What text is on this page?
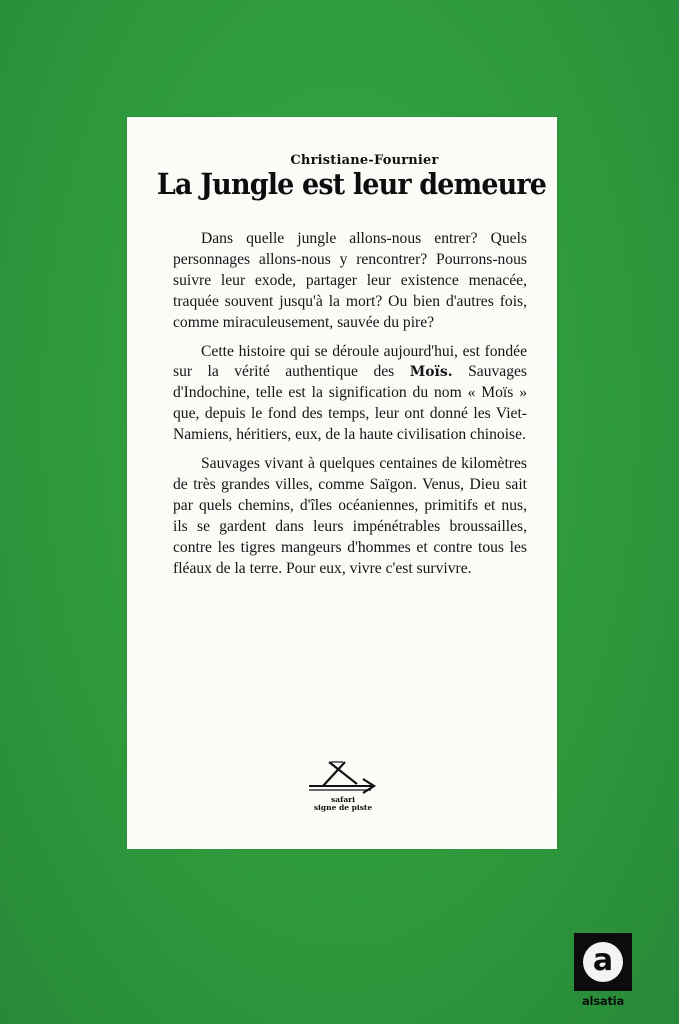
Christiane-Fournier
La Jungle est leur demeure

Dans quelle jungle allons-nous entrer? Quels personnages allons-nous y rencontrer? Pourrons-nous suivre leur exode, partager leur existence menacée, traquée souvent jusqu'à la mort? Ou bien d'autres fois, comme miraculeusement, sauvée du pire?

Cette histoire qui se déroule aujourd'hui, est fondée sur la vérité authentique des Moïs. Sauvages d'Indochine, telle est la signification du nom « Moïs » que, depuis le fond des temps, leur ont donné les Viet-Namiens, héritiers, eux, de la haute civilisation chinoise.

Sauvages vivant à quelques centaines de kilomètres de très grandes villes, comme Saïgon. Venus, Dieu sait par quels chemins, d'îles océaniennes, primitifs et nus, ils se gardent dans leurs impénétrables broussailles, contre les tigres mangeurs d'hommes et contre tous les fléaux de la terre. Pour eux, vivre c'est survivre.

safari
signe de piste
a
alsatia
